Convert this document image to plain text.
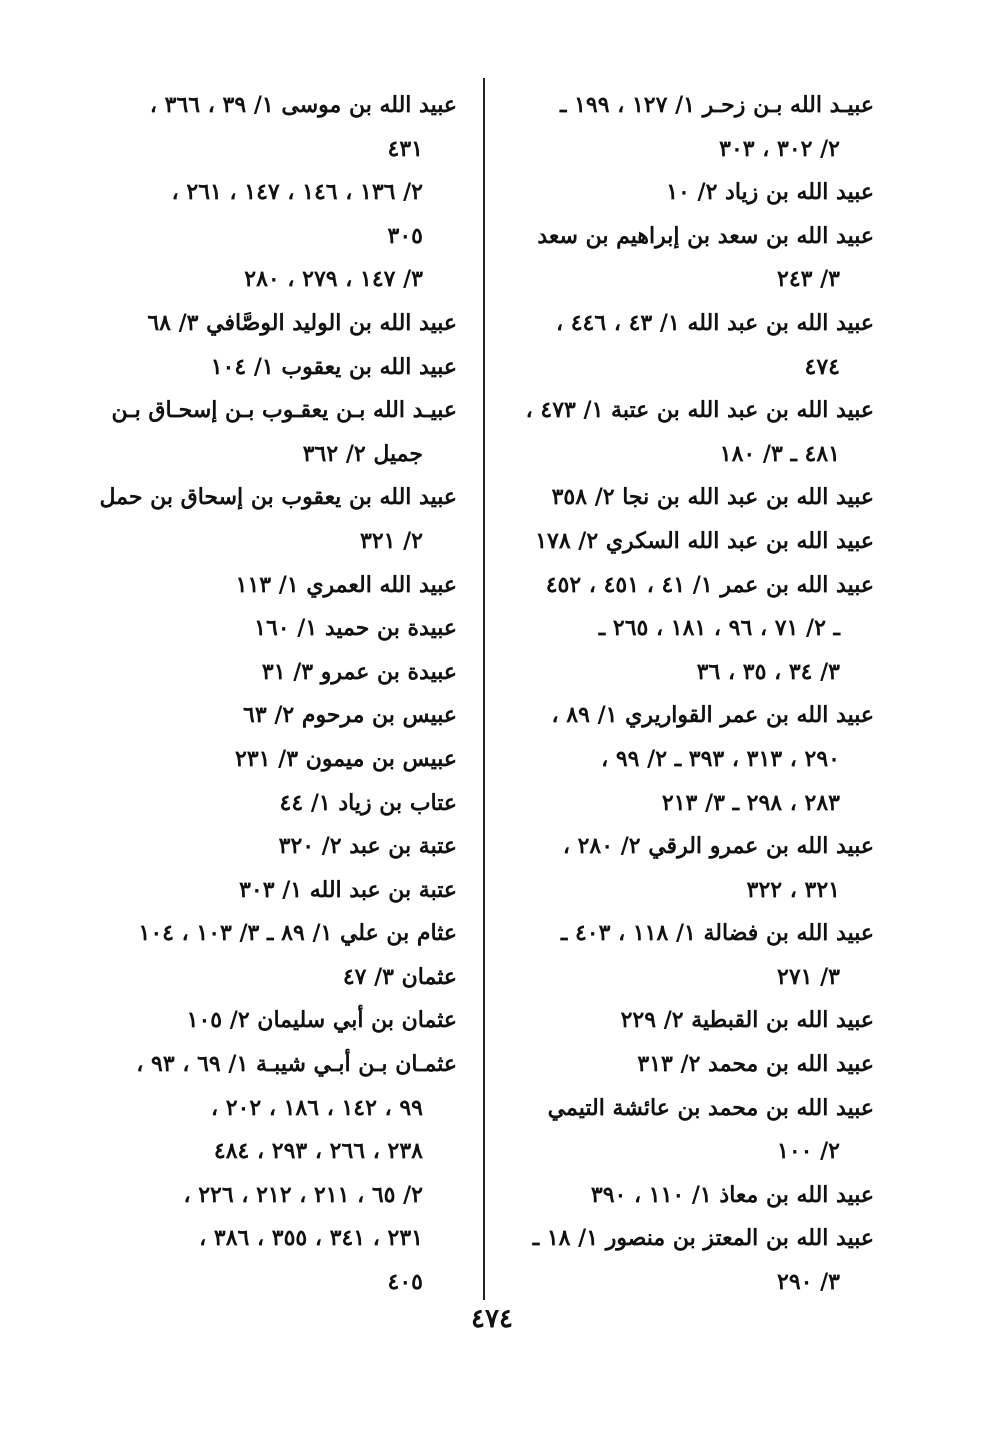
عبيـد الله بـن زحـر ١/ ١٢٧ ، ١٩٩ ـ
٢/ ٣٠٢ ، ٣٠٣
عبيد الله بن زياد ٢/ ١٠
عبيد الله بن سعد بن إبراهيم بن سعد
٣/ ٢٤٣
عبيد الله بن عبد الله ١/ ٤٣ ، ٤٤٦ ،
٤٧٤
عبيد الله بن عبد الله بن عتبة ١/ ٤٧٣ ،
٤٨١ ـ ٣/ ١٨٠
عبيد الله بن عبد الله بن نجا ٢/ ٣٥٨
عبيد الله بن عبد الله السكري ٢/ ١٧٨
عبيد الله بن عمر ١/ ٤١ ، ٤٥١ ، ٤٥٢
ـ ٢/ ٧١ ، ٩٦ ، ١٨١ ، ٢٦٥ ـ
٣/ ٣٤ ، ٣٥ ، ٣٦
عبيد الله بن عمر القواريري ١/ ٨٩ ،
٢٩٠ ، ٣١٣ ، ٣٩٣ ـ ٢/ ٩٩ ،
٢٨٣ ، ٢٩٨ ـ ٣/ ٢١٣
عبيد الله بن عمرو الرقي ٢/ ٢٨٠ ،
٣٢١ ، ٣٢٢
عبيد الله بن فضالة ١/ ١١٨ ، ٤٠٣ ـ
٣/ ٢٧١
عبيد الله بن القبطية ٢/ ٢٢٩
عبيد الله بن محمد ٢/ ٣١٣
عبيد الله بن محمد بن عائشة التيمي
٢/ ١٠٠
عبيد الله بن معاذ ١/ ١١٠ ، ٣٩٠
عبيد الله بن المعتز بن منصور ١/ ١٨ ـ
٣/ ٢٩٠
عبيد الله بن موسى ١/ ٣٩ ، ٣٦٦ ،
٤٣١
٢/ ١٣٦ ، ١٤٦ ، ١٤٧ ، ٢٦١ ،
٣٠٥
٣/ ١٤٧ ، ٢٧٩ ، ٢٨٠
عبيد الله بن الوليد الوصَّافي ٣/ ٦٨
عبيد الله بن يعقوب ١/ ١٠٤
عبيـد الله بـن يعقـوب بـن إسحـاق بـن
جميل ٢/ ٣٦٢
عبيد الله بن يعقوب بن إسحاق بن حمل
٢/ ٣٢١
عبيد الله العمري ١/ ١١٣
عبيدة بن حميد ١/ ١٦٠
عبيدة بن عمرو ٣/ ٣١
عبيس بن مرحوم ٢/ ٦٣
عبيس بن ميمون ٣/ ٢٣١
عتاب بن زياد ١/ ٤٤
عتبة بن عبد ٢/ ٣٢٠
عتبة بن عبد الله ١/ ٣٠٣
عثام بن علي ١/ ٨٩ ـ ٣/ ١٠٣ ، ١٠٤
عثمان ٣/ ٤٧
عثمان بن أبي سليمان ٢/ ١٠٥
عثمـان بـن أبـي شيبـة ١/ ٦٩ ، ٩٣ ،
٩٩ ، ١٤٢ ، ١٨٦ ، ٢٠٢ ،
٢٣٨ ، ٢٦٦ ، ٢٩٣ ، ٤٨٤
٢/ ٦٥ ، ٢١١ ، ٢١٢ ، ٢٢٦ ،
٢٣١ ، ٣٤١ ، ٣٥٥ ، ٣٨٦ ،
٤٠٥
٤٧٤
